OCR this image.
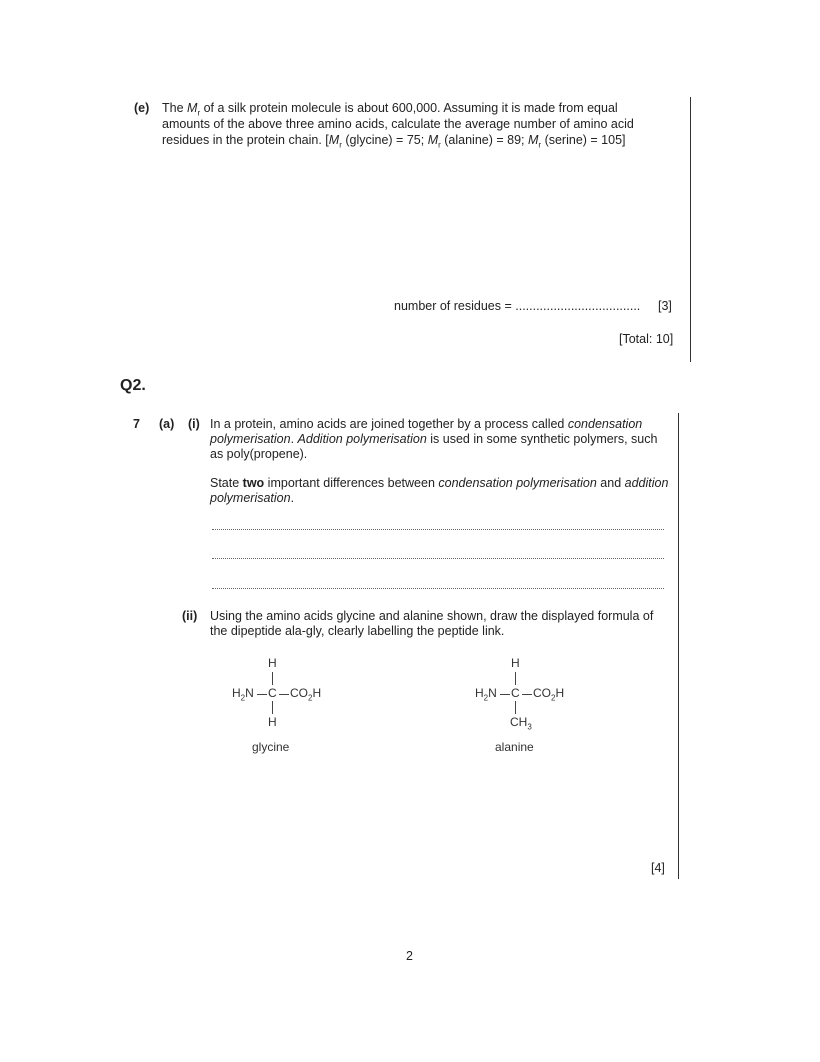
(e) The $M_r$ of a silk protein molecule is about 600,000. Assuming it is made from equal
amounts of the above three amino acids, calculate the average number of amino acid
residues in the protein chain. [$M_r$ (glycine) = 75; $M_r$ (alanine) = 89; $M_r$ (serine) = 105]
number of residues = .................................... [3]
[Total: 10]
Q2.
7 (a) (i) In a protein, amino acids are joined together by a process called condensation
polymerisation. Addition polymerisation is used in some synthetic polymers, such
as poly(propene).
State two important differences between condensation polymerisation and addition
polymerisation.
(ii) Using the amino acids glycine and alanine shown, draw the displayed formula of
the dipeptide ala-gly, clearly labelling the peptide link.
H
$H_2N$ C $CO_2H$
H
glycine
H
$H_2N$ C $CO_2H$
$CH_3$
alanine
[4]
2
